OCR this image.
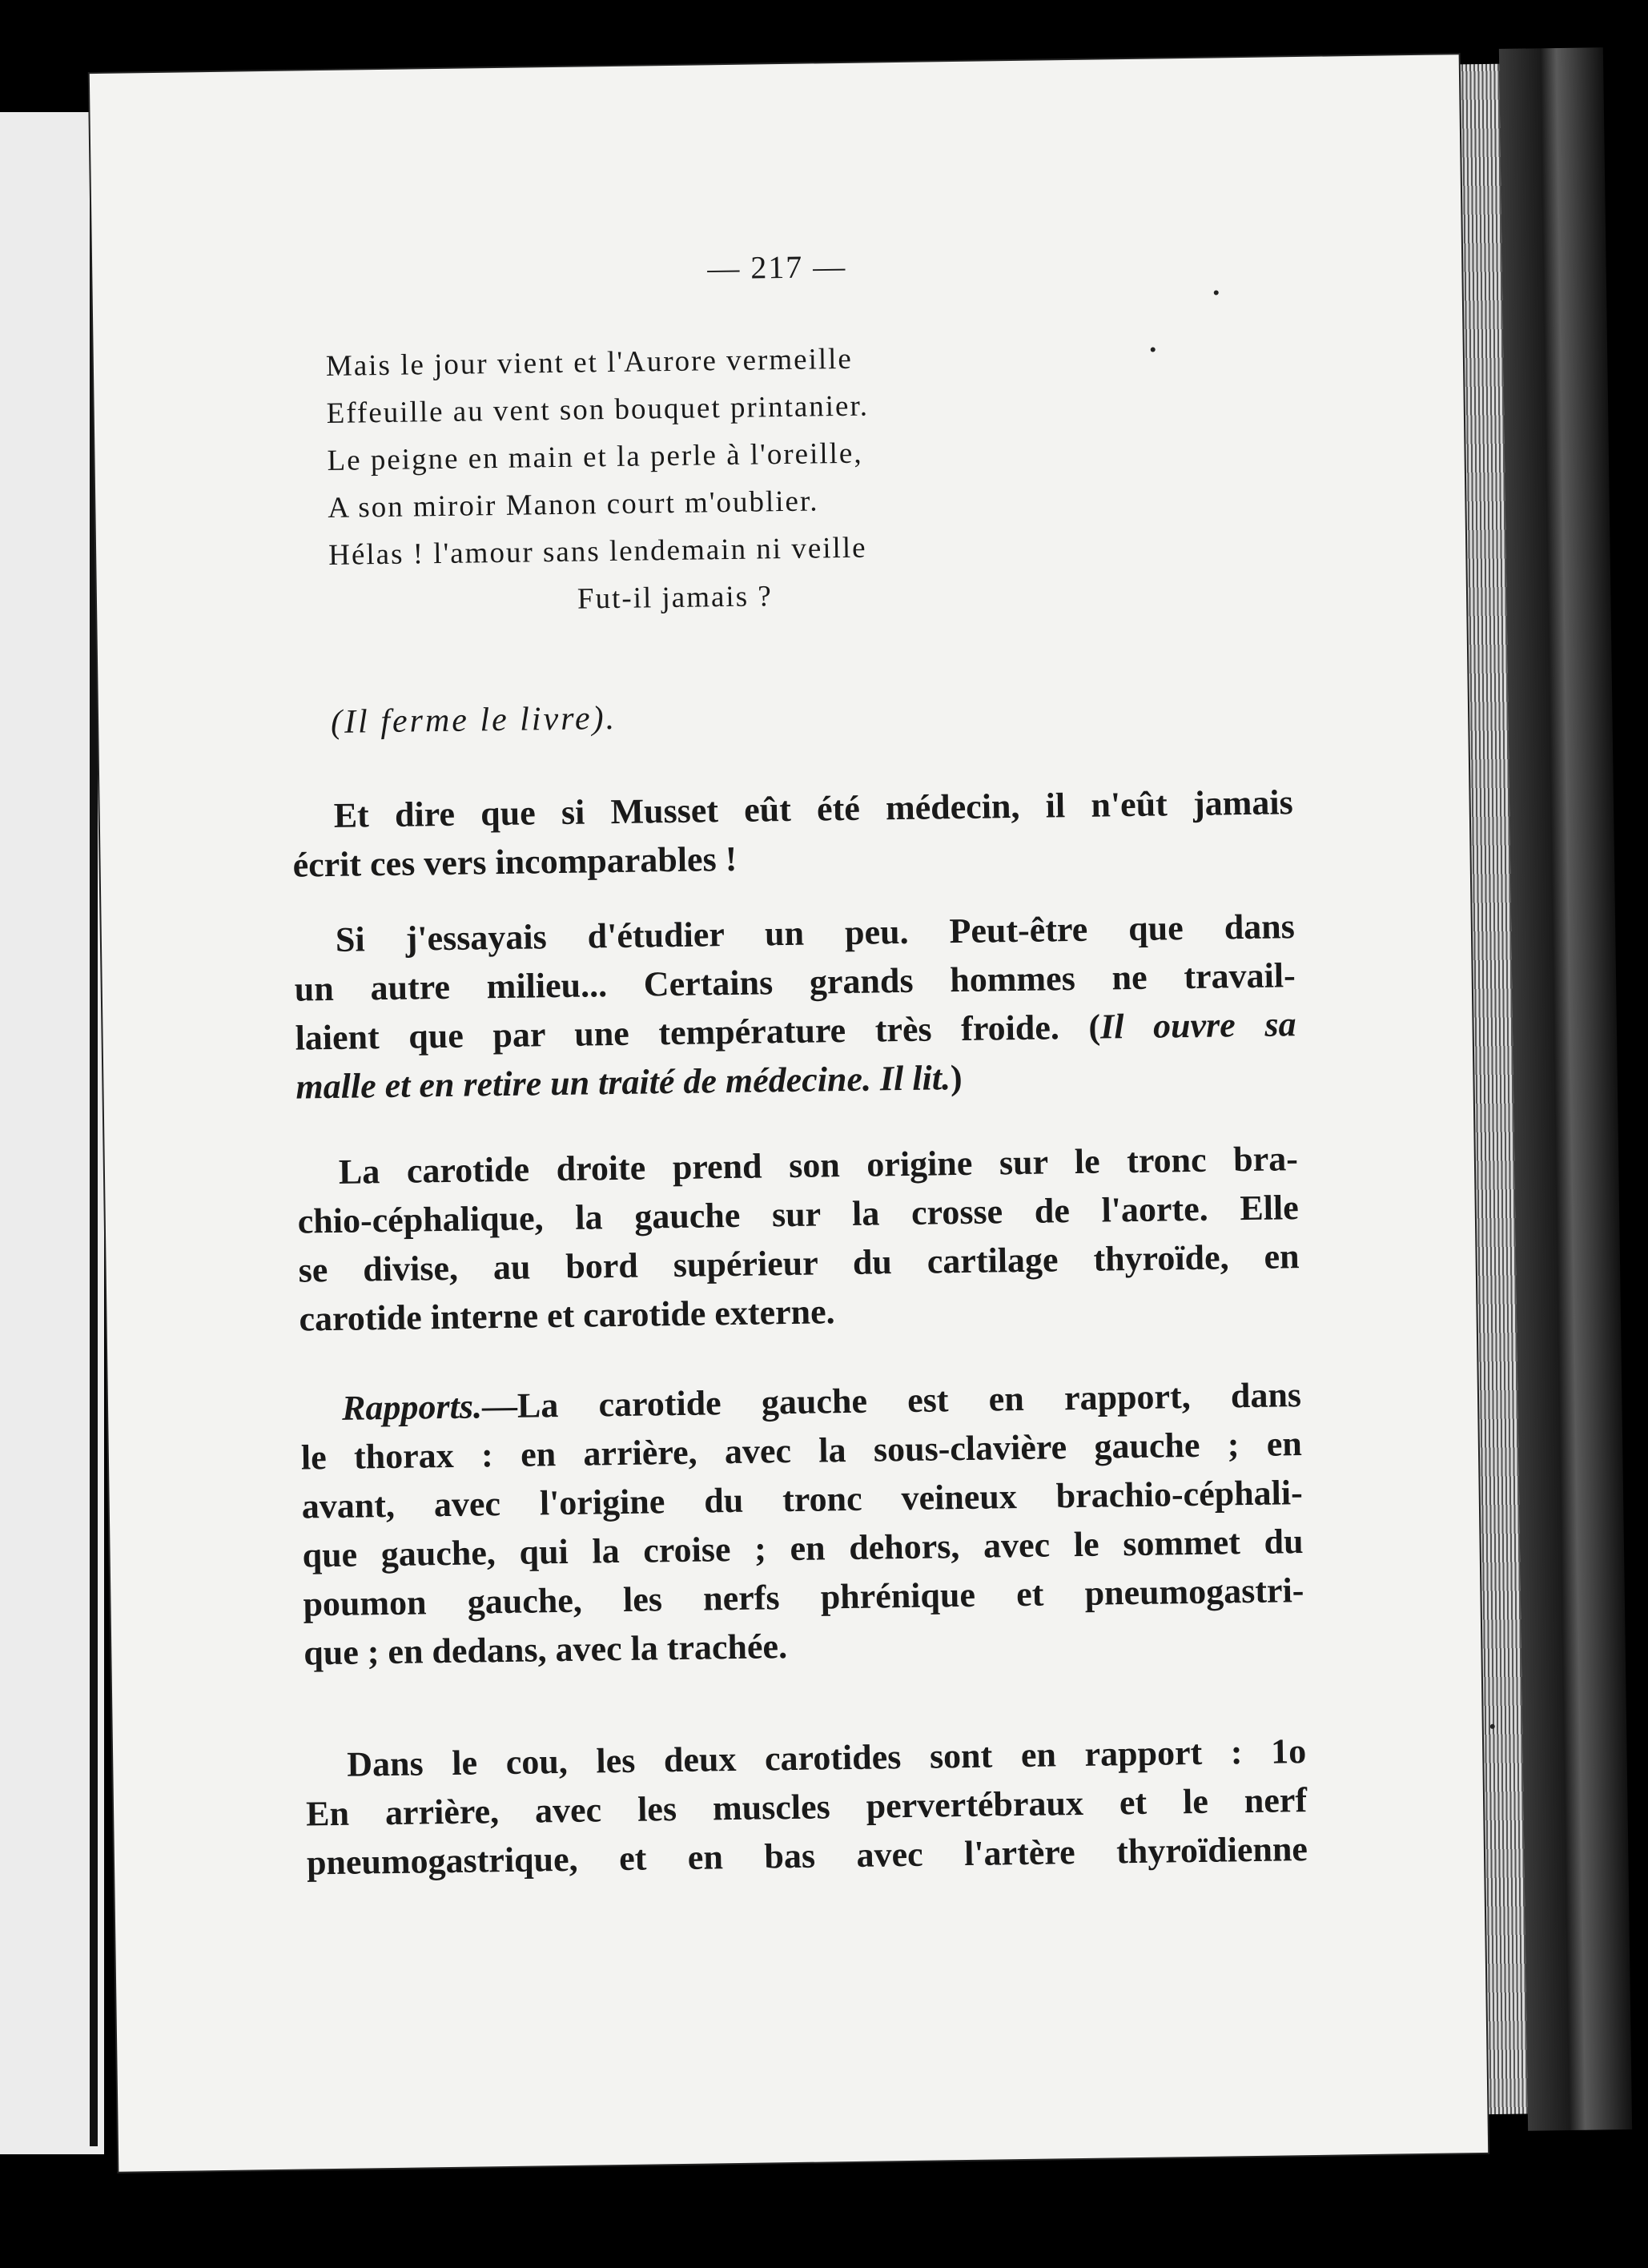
— 217 —
Mais le jour vient et l'Aurore vermeille
Effeuille au vent son bouquet printanier.
Le peigne en main et la perle à l'oreille,
A son miroir Manon court m'oublier.
Hélas ! l'amour sans lendemain ni veille
Fut-il jamais ?
(Il ferme le livre).
Et dire que si Musset eût été médecin, il n'eût jamais
écrit ces vers incomparables !
Si j'essayais d'étudier un peu. Peut-être que dans
un autre milieu... Certains grands hommes ne travail-
laient que par une température très froide. (Il ouvre sa
malle et en retire un traité de médecine. Il lit.)
La carotide droite prend son origine sur le tronc bra-
chio-céphalique, la gauche sur la crosse de l'aorte. Elle
se divise, au bord supérieur du cartilage thyroïde, en
carotide interne et carotide externe.
Rapports.—La carotide gauche est en rapport, dans
le thorax : en arrière, avec la sous-clavière gauche ; en
avant, avec l'origine du tronc veineux brachio-céphali-
que gauche, qui la croise ; en dehors, avec le sommet du
poumon gauche, les nerfs phrénique et pneumogastri-
que ; en dedans, avec la trachée.
Dans le cou, les deux carotides sont en rapport : 1o
En arrière, avec les muscles pervertébraux et le nerf
pneumogastrique, et en bas avec l'artère thyroïdienne
